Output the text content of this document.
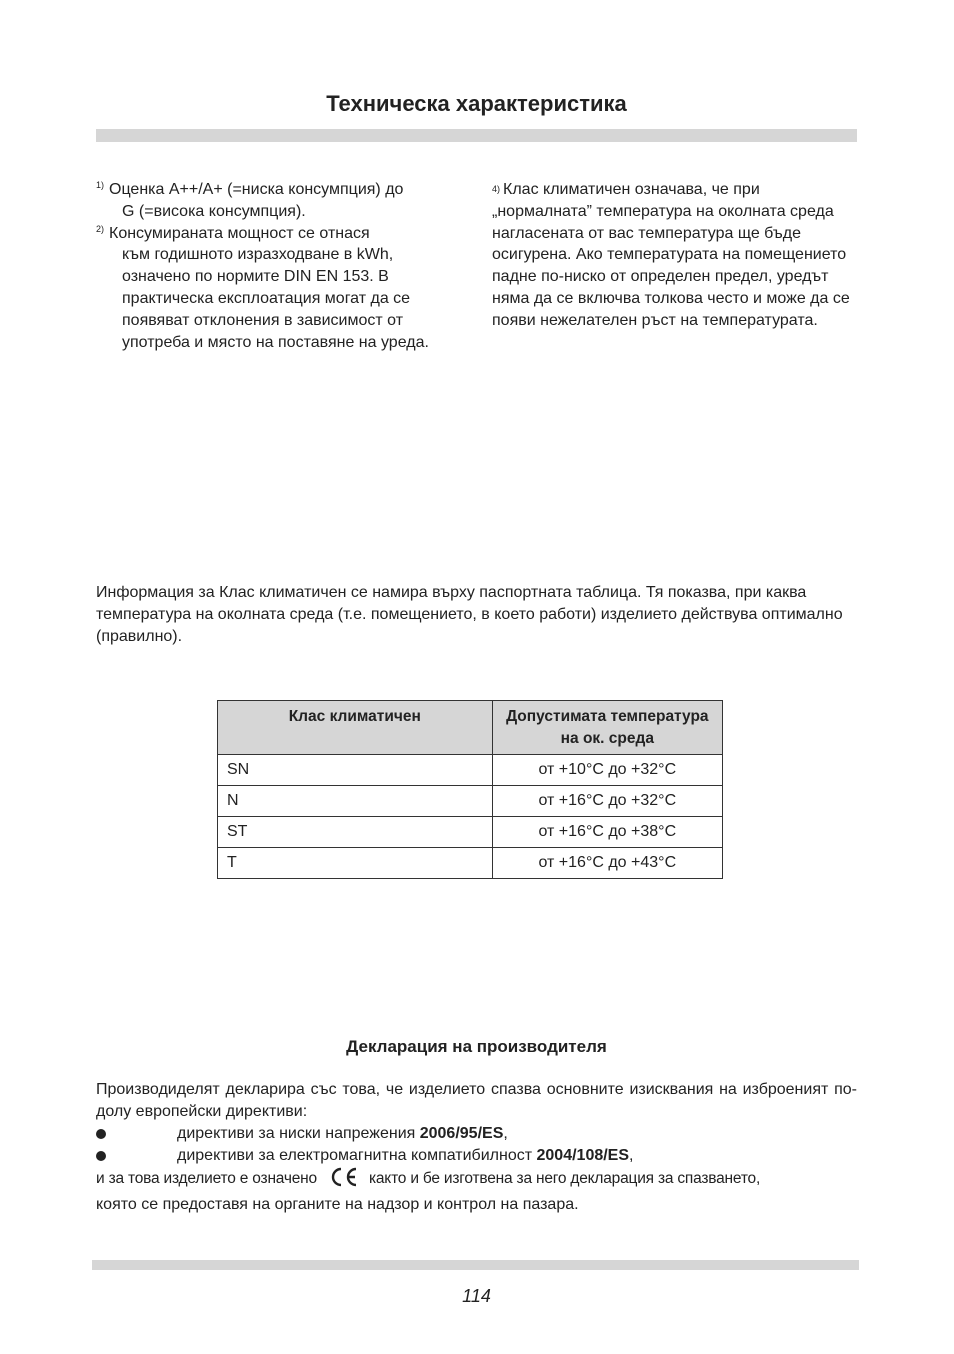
Техническа характеристика
1) Оценка A++/A+ (=ниска консумпция) до
G (=висока консумпция).
2) Консумираната мощност се отнася
към годишното изразходване в kWh, означено по нормите DIN EN 153. В практическа експлоатация могат да се появяват отклонения в зависимост от употреба и място на поставяне на уреда.
$^{4)}$ Клас климатичен означава, че при „нормалната” температура на околната среда нагласената от вас температура ще бъде осигурена. Ако температурата на помещението падне по-ниско от определен предел, уредът няма да се включва толкова често и може да се появи нежелателен ръст на температурата.

Информация за Клас климатичен се намира върху паспортната таблица. Тя показва, при каква температура на околната среда (т.е. помещението, в което работи) изделието действува оптимално (правилно).

Клас климатичен	Допустимата температура на ок. среда
SN	от +10°C до +32°C
N	от +16°C до +32°C
ST	от +16°C до +38°C
T	от +16°C до +43°C
Декларация на производителя
Производиделят декларира със това, че изделието спазва основните изисквания на изброеният по-долу европейски директиви:
директиви за ниски напрежения 2006/95/ES,
директиви за електромагнитна компатибилност 2004/108/ES,
и за това изделието е означено	както и бе изготвена за него декларация за спазването,
която се предоставя на органите на надзор и контрол на пазара.
114
